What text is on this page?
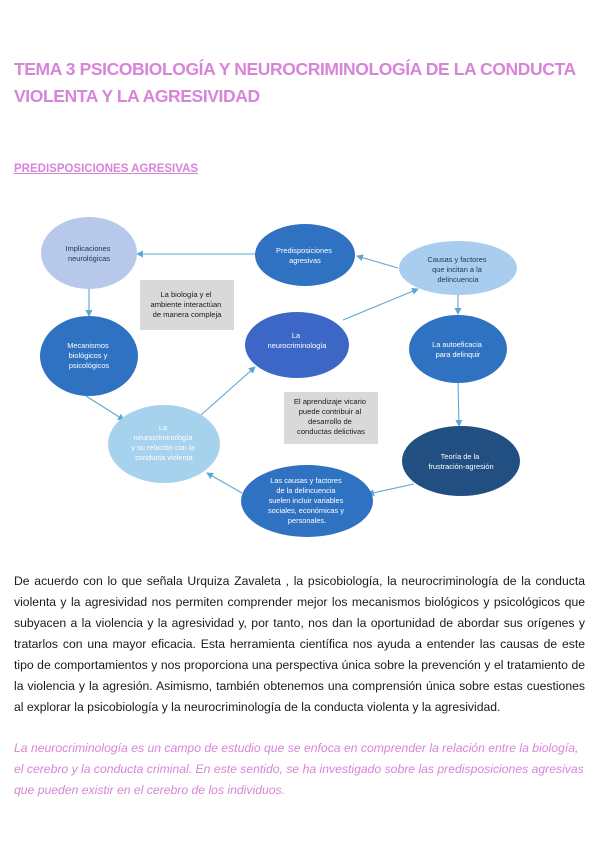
TEMA 3 PSICOBIOLOGÍA Y NEUROCRIMINOLOGÍA DE LA CONDUCTA VIOLENTA Y LA AGRESIVIDAD
PREDISPOSICIONES AGRESIVAS
Implicaciones neurológicas
Predisposiciones agresivas	Causas y factores que incitan a la delincuencia
Mecanismos biológicos y psicológicos
La neurocriminología	La autoeficacia para delinquir
La neurocriminología y su relación con la conducta violenta	Teoría de la frustración-agresión
Las causas y factores de la delincuencia suelen incluir variables sociales, económicas y personales.
La biología y el ambiente interactúan de manera compleja
El aprendizaje vicario puede contribuir al desarrollo de conductas delictivas

De acuerdo con lo que señala Urquiza Zavaleta , la psicobiología, la neurocriminología de la conducta violenta y la agresividad nos permiten comprender mejor los mecanismos biológicos y psicológicos que subyacen a la violencia y la agresividad y, por tanto, nos dan la oportunidad de abordar sus orígenes y tratarlos con una mayor eficacia. Esta herramienta científica nos ayuda a entender las causas de este tipo de comportamientos y nos proporciona una perspectiva única sobre la prevención y el tratamiento de la violencia y la agresión. Asimismo, también obtenemos una comprensión única sobre estas cuestiones al explorar la psicobiología y la neurocriminología de la conducta violenta y la agresividad.

La neurocriminología es un campo de estudio que se enfoca en comprender la relación entre la biología, el cerebro y la conducta criminal. En este sentido, se ha investigado sobre las predisposiciones agresivas que pueden existir en el cerebro de los individuos.
